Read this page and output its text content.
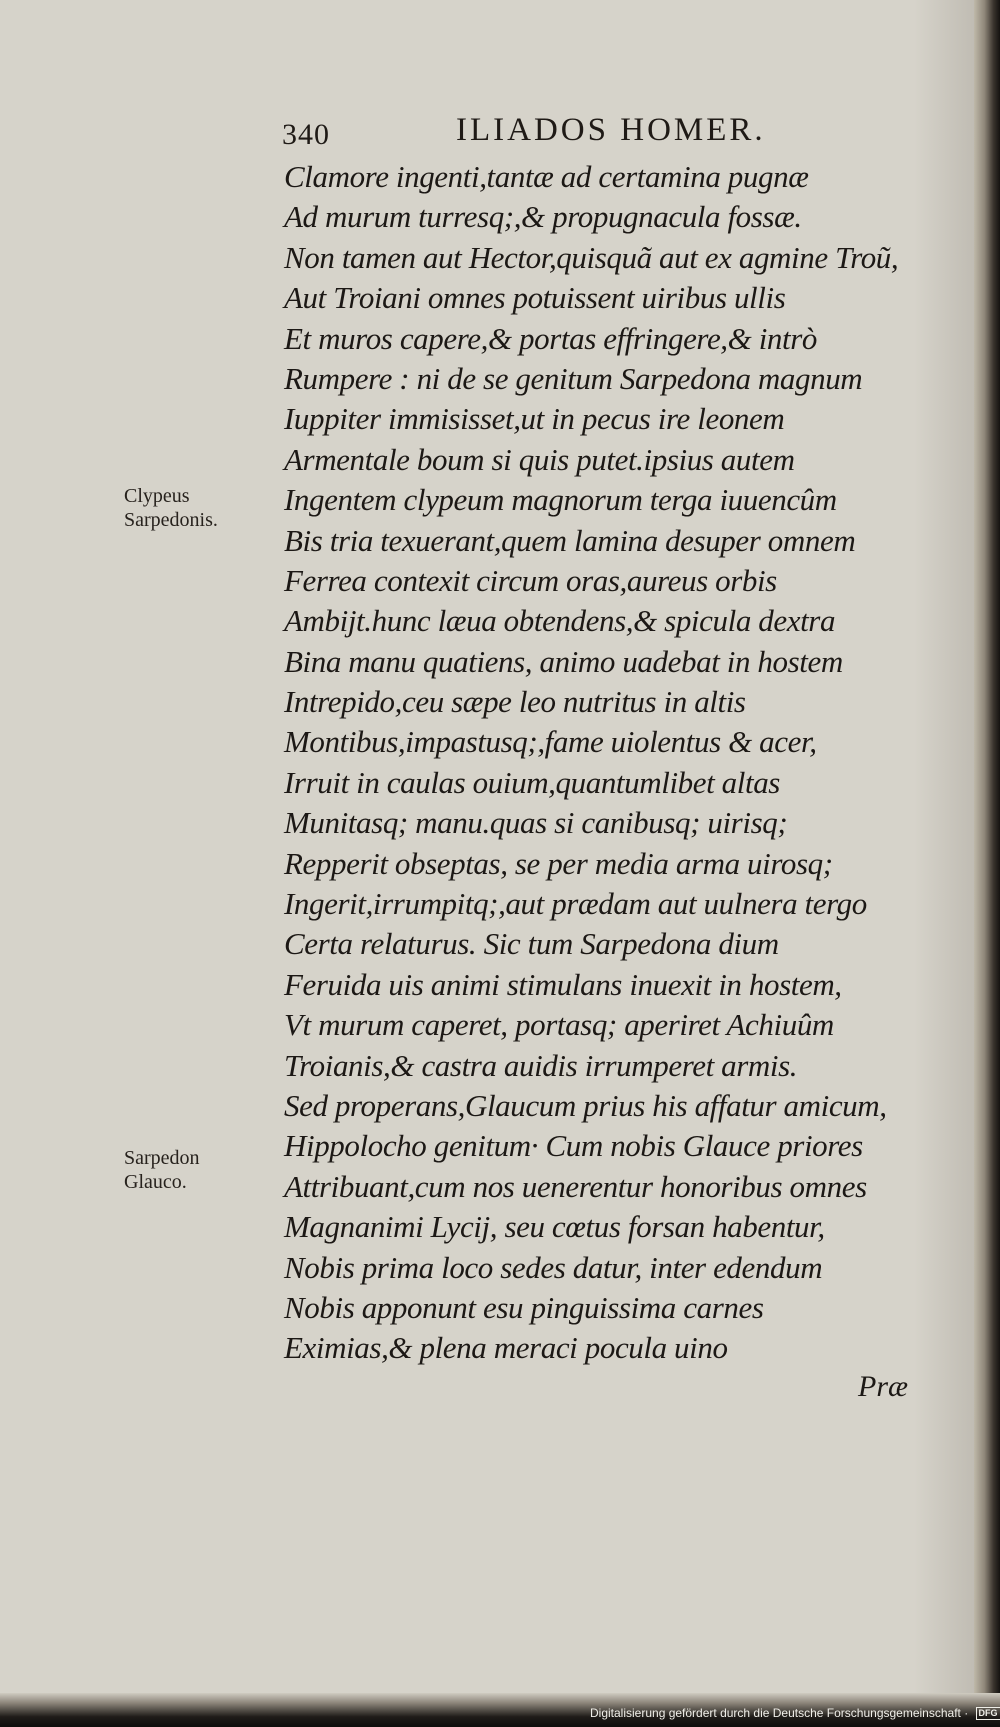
340	ILIADOS HOMER.
Clypeus Sarpedonis.
Sarpedon Glauco.
Clamore ingenti,tantæ ad certamina pugnæ
Ad murum turresq;,& propugnacula fossæ.
Non tamen aut Hector,quisquã aut ex agmine Troũ,
Aut Troiani omnes potuissent uiribus ullis
Et muros capere,& portas effringere,& intrò
Rumpere : ni de se genitum Sarpedona magnum
Iuppiter immisisset,ut in pecus ire leonem
Armentale boum si quis putet.ipsius autem
Ingentem clypeum magnorum terga iuuencûm
Bis tria texuerant,quem lamina desuper omnem
Ferrea contexit circum oras,aureus orbis
Ambijt.hunc læua obtendens,& spicula dextra
Bina manu quatiens, animo uadebat in hostem
Intrepido,ceu sæpe leo nutritus in altis
Montibus,impastusq;,fame uiolentus & acer,
Irruit in caulas ouium,quantumlibet altas
Munitasq; manu.quas si canibusq; uirisq;
Repperit obseptas, se per media arma uirosq;
Ingerit,irrumpitq;,aut prædam aut uulnera tergo
Certa relaturus. Sic tum Sarpedona dium
Feruida uis animi stimulans inuexit in hostem,
Vt murum caperet, portasq; aperiret Achiuûm
Troianis,& castra auidis irrumperet armis.
Sed properans,Glaucum prius his affatur amicum,
Hippolocho genitum· Cum nobis Glauce priores
Attribuant,cum nos uenerentur honoribus omnes
Magnanimi Lycij, seu cœtus forsan habentur,
Nobis prima loco sedes datur, inter edendum
Nobis apponunt esu pinguissima carnes
Eximias,& plena meraci pocula uino
Præ
Digitalisierung gefördert durch die Deutsche Forschungsgemeinschaft · DFG
